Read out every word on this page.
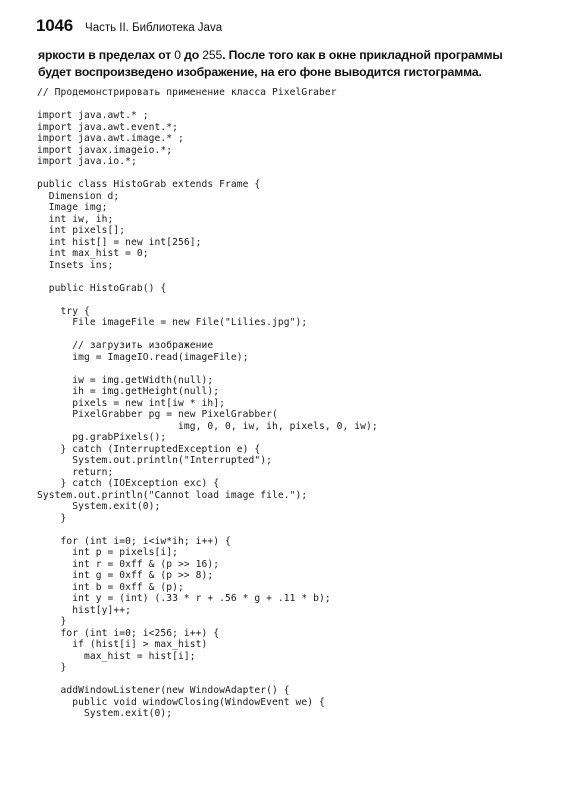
1046 Часть II. Библиотека Java
яркости в пределах от 0 до 255. После того как в окне прикладной программы
будет воспроизведено изображение, на его фоне выводится гистограмма.
// Продемонстрировать применение класса PixelGraber
import java.awt.* ;
import java.awt.event.*;
import java.awt.image.* ;
import javax.imageio.*;
import java.io.*;
public class HistoGrab extends Frame {
Dimension d;
Image img;
int iw, ih;
int pixels[];
int hist[] = new int[256];
int max_hist = 0;
Insets ins;
public HistoGrab() {
try {
File imageFile = new File("Lilies.jpg");
// загрузить изображение
img = ImageIO.read(imageFile);
iw = img.getWidth(null);
ih = img.getHeight(null);
pixels = new int[iw * ih];
PixelGrabber pg = new PixelGrabber(
img, 0, 0, iw, ih, pixels, 0, iw);
pg.grabPixels();
} catch (InterruptedException e) {
System.out.println("Interrupted");
return;
} catch (IOException exc) {
System.out.println("Cannot load image file.");
System.exit(0);
}
for (int i=0; i<iw*ih; i++) {
int p = pixels[i];
int r = 0xff & (p >> 16);
int g = 0xff & (p >> 8);
int b = 0xff & (p);
int y = (int) (.33 * r + .56 * g + .11 * b);
hist[y]++;
}
for (int i=0; i<256; i++) {
if (hist[i] > max_hist)
max_hist = hist[i];
}
addWindowListener(new WindowAdapter() {
public void windowClosing(WindowEvent we) {
System.exit(0);
